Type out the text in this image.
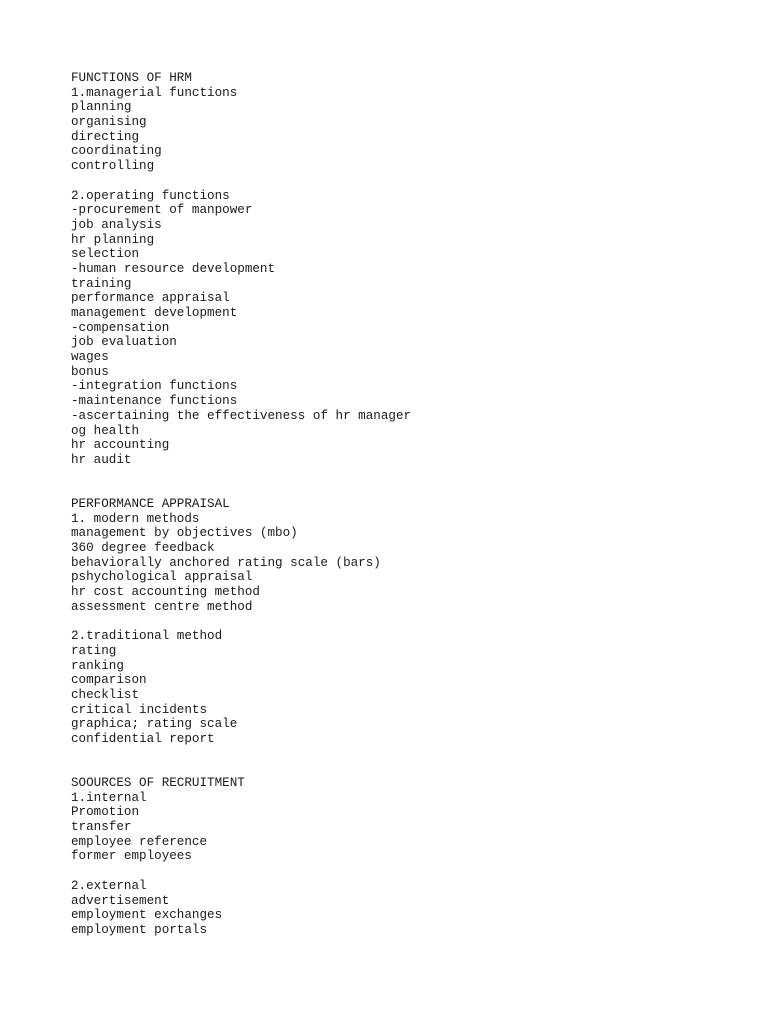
FUNCTIONS OF HRM
1.managerial functions
planning
organising
directing
coordinating
controlling
2.operating functions
-procurement of manpower
job analysis
hr planning
selection
-human resource development
training
performance appraisal
management development
-compensation
job evaluation
wages
bonus
-integration functions
-maintenance functions
-ascertaining the effectiveness of hr manager
og health
hr accounting
hr audit
PERFORMANCE APPRAISAL
1. modern methods
management by objectives (mbo)
360 degree feedback
behaviorally anchored rating scale (bars)
pshychological appraisal
hr cost accounting method
assessment centre method
2.traditional method
rating
ranking
comparison
checklist
critical incidents
graphica; rating scale
confidential report
SOOURCES OF RECRUITMENT
1.internal
Promotion
transfer
employee reference
former employees
2.external
advertisement
employment exchanges
employment portals
